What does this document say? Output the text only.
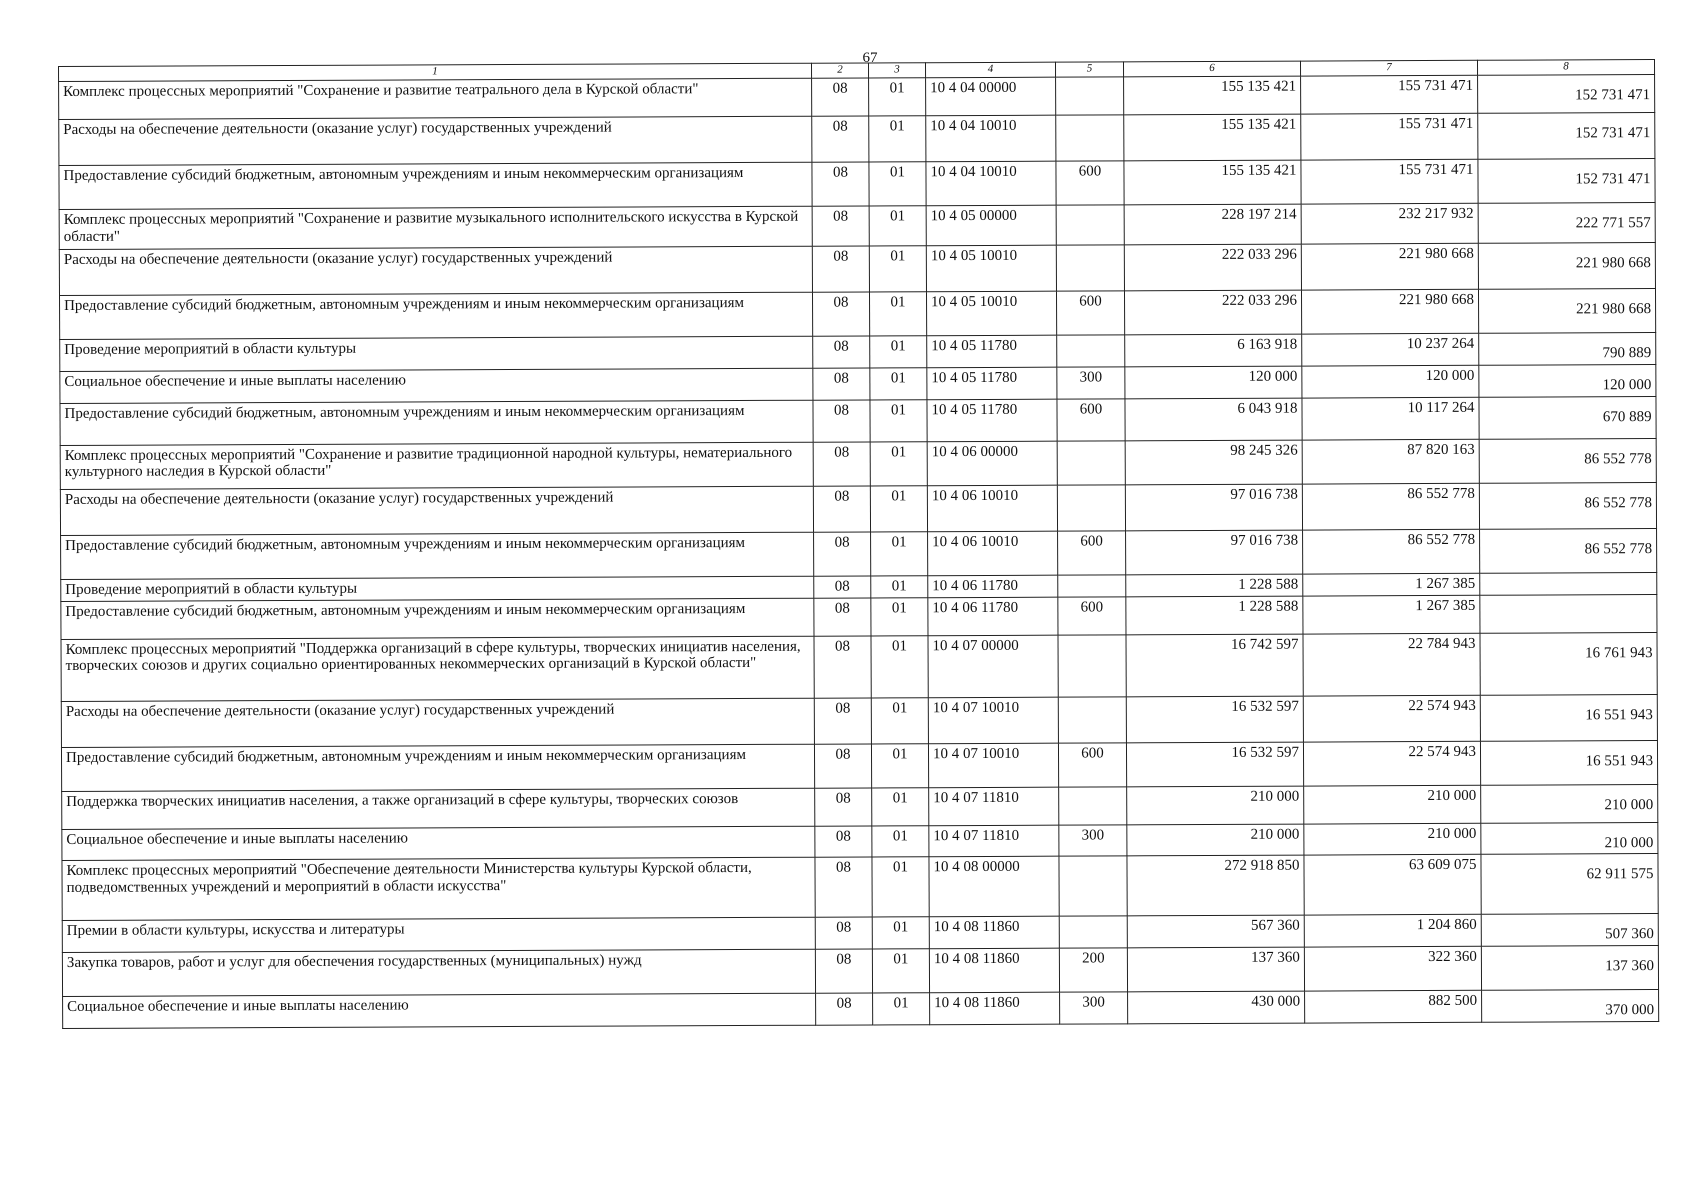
67
1	2	3	4	5	6	7	8
Комплекс процессных мероприятий "Сохранение и развитие театрального дела в Курской области"	08	01	10 4 04 00000		155 135 421	155 731 471	152 731 471
Расходы на обеспечение деятельности (оказание услуг) государственных учреждений	08	01	10 4 04 10010		155 135 421	155 731 471	152 731 471
Предоставление субсидий бюджетным, автономным учреждениям и иным некоммерческим организациям	08	01	10 4 04 10010	600	155 135 421	155 731 471	152 731 471
Комплекс процессных мероприятий "Сохранение и развитие музыкального исполнительского искусства в Курской области"	08	01	10 4 05 00000		228 197 214	232 217 932	222 771 557
Расходы на обеспечение деятельности (оказание услуг) государственных учреждений	08	01	10 4 05 10010		222 033 296	221 980 668	221 980 668
Предоставление субсидий бюджетным, автономным учреждениям и иным некоммерческим организациям	08	01	10 4 05 10010	600	222 033 296	221 980 668	221 980 668
Проведение мероприятий в области культуры	08	01	10 4 05 11780		6 163 918	10 237 264	790 889
Социальное обеспечение и иные выплаты населению	08	01	10 4 05 11780	300	120 000	120 000	120 000
Предоставление субсидий бюджетным, автономным учреждениям и иным некоммерческим организациям	08	01	10 4 05 11780	600	6 043 918	10 117 264	670 889
Комплекс процессных мероприятий "Сохранение и развитие традиционной народной культуры, нематериального культурного наследия в Курской области"	08	01	10 4 06 00000		98 245 326	87 820 163	86 552 778
Расходы на обеспечение деятельности (оказание услуг) государственных учреждений	08	01	10 4 06 10010		97 016 738	86 552 778	86 552 778
Предоставление субсидий бюджетным, автономным учреждениям и иным некоммерческим организациям	08	01	10 4 06 10010	600	97 016 738	86 552 778	86 552 778
Проведение мероприятий в области культуры	08	01	10 4 06 11780		1 228 588	1 267 385	
Предоставление субсидий бюджетным, автономным учреждениям и иным некоммерческим организациям	08	01	10 4 06 11780	600	1 228 588	1 267 385	
Комплекс процессных мероприятий "Поддержка организаций в сфере культуры, творческих инициатив населения, творческих союзов и других социально ориентированных некоммерческих организаций в Курской области"	08	01	10 4 07 00000		16 742 597	22 784 943	16 761 943
Расходы на обеспечение деятельности (оказание услуг) государственных учреждений	08	01	10 4 07 10010		16 532 597	22 574 943	16 551 943
Предоставление субсидий бюджетным, автономным учреждениям и иным некоммерческим организациям	08	01	10 4 07 10010	600	16 532 597	22 574 943	16 551 943
Поддержка творческих инициатив населения, а также организаций в сфере культуры, творческих союзов	08	01	10 4 07 11810		210 000	210 000	210 000
Социальное обеспечение и иные выплаты населению	08	01	10 4 07 11810	300	210 000	210 000	210 000
Комплекс процессных мероприятий "Обеспечение деятельности Министерства культуры Курской области, подведомственных учреждений и мероприятий в области искусства"	08	01	10 4 08 00000		272 918 850	63 609 075	62 911 575
Премии в области культуры, искусства и литературы	08	01	10 4 08 11860		567 360	1 204 860	507 360
Закупка товаров, работ и услуг для обеспечения государственных (муниципальных) нужд	08	01	10 4 08 11860	200	137 360	322 360	137 360
Социальное обеспечение и иные выплаты населению	08	01	10 4 08 11860	300	430 000	882 500	370 000
